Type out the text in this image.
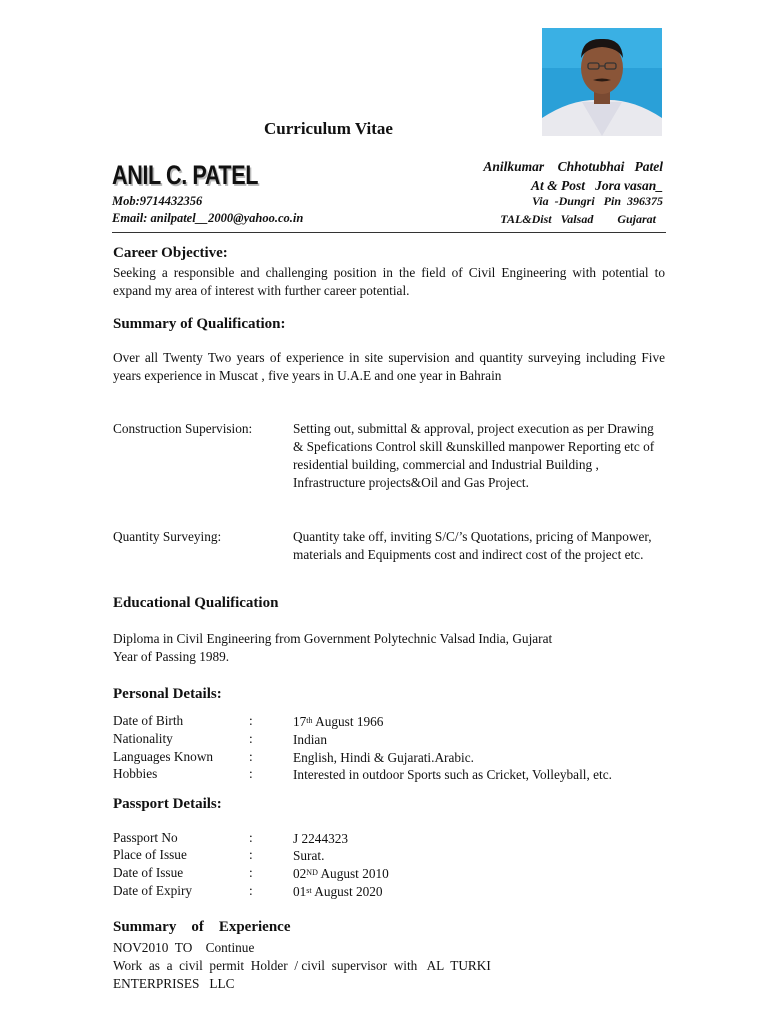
Curriculum Vitae
ANIL C. PATEL
Mob:9714432356
Email: anilpatel__2000@yahoo.co.in
Anilkumar    Chhotubhai   Patel
At & Post   Jora vasan_
Via  -Dungri   Pin  396375
TAL&Dist   Valsad        Gujarat
Career Objective:
Seeking a responsible and challenging position in the field of Civil Engineering with potential to expand my area of interest with further career potential.
Summary of Qualification:
Over all Twenty Two years of experience in site supervision and quantity surveying including Five years experience in Muscat , five years in U.A.E and one year in Bahrain
Construction Supervision:	Setting out, submittal & approval, project execution as per Drawing & Spefications Control skill &unskilled manpower Reporting etc of residential building, commercial and Industrial Building , Infrastructure projects&Oil and Gas Project.
Quantity Surveying:	Quantity take off, inviting S/C/’s Quotations, pricing of Manpower, materials and Equipments cost and indirect cost of the project etc.
Educational Qualification
Diploma in Civil Engineering from Government Polytechnic Valsad India, Gujarat
Year of Passing 1989.
Personal Details:
Date of Birth	:	17th August 1966
Nationality	:	Indian
Languages Known	:	English, Hindi & Gujarati.Arabic.
Hobbies	:	Interested in outdoor Sports such as Cricket, Volleyball, etc.
Passport Details:
Passport No	:	J 2244323
Place of Issue	:	Surat.
Date of Issue	:	02ND August 2010
Date of Expiry	:	01st August 2020
Summary    of    Experience
NOV2010  TO    Continue
Work  as  a  civil  permit  Holder  / civil  supervisor  with   AL  TURKI
ENTERPRISES   LLC
